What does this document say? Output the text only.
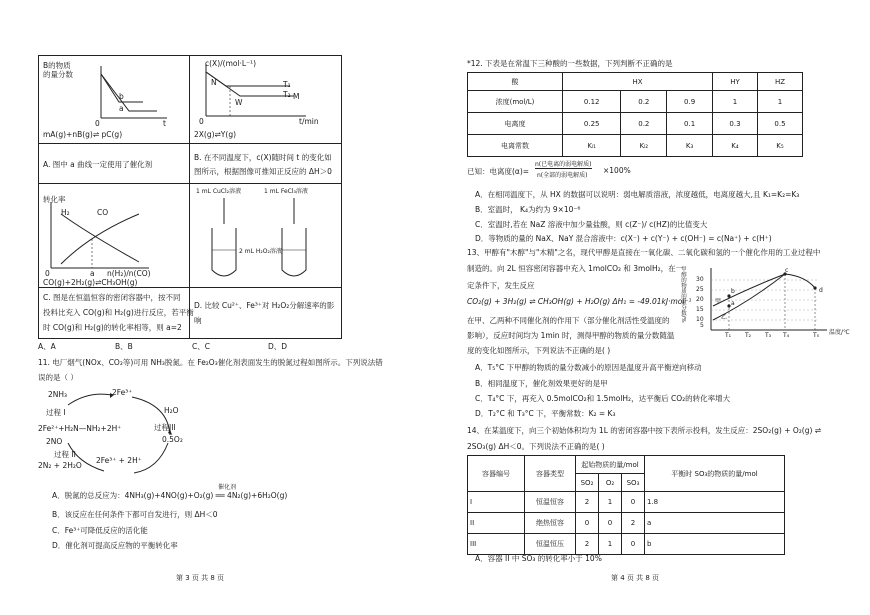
B的物质
的量分数
b
a
0	t
mA(g)+nB(g)⇌ pC(g)
c(X)/(mol·L⁻¹)
T₁
T₂ M
N
W
0	t/min
2X(g)⇌Y(g)
A. 图中 a 曲线一定使用了催化剂
B. 在不同温度下，c(X)随时间 t 的变化如
图所示，根据图像可推知正反应的 ΔH＞0
转化率
H₂	CO
0	a n(H₂)/n(CO)
CO(g)+2H₂(g)⇌CH₃OH(g)
1 mL CuCl₂溶液	1 mL FeCl₃溶液
2 mL H₂O₂溶液
C. 图是在恒温恒容的密闭容器中，按不同
投料比充入 CO(g)和 H₂(g)进行反应，若平衡
时 CO(g)和 H₂(g)的转化率相等，则 a=2
D. 比较 Cu²⁺、Fe³⁺对 H₂O₂分解速率的影
响
A、A	B、B	C、C	D、D
11. 电厂烟气(NOx、CO₂等)可用 NH₃脱氮。在 Fe₂O₃催化剂表面发生的脱氮过程如图所示。下列说法错
误的是（ ）
2NH₃	2Fe³⁺
过程 I
2Fe²⁺+H₂N—NH₂+2H⁺
H₂O
过程III
2NO	0.5O₂
过程 II
2N₂ + 2H₂O
2Fe³⁺ + 2H⁺
催化剂
A．脱氮的总反应为：4NH₃(g)+4NO(g)+O₂(g) ══ 4N₂(g)+6H₂O(g)
B．该反应在任何条件下都可自发进行，则 ΔH＜0
C．Fe³⁺可降低反应的活化能
D．催化剂可提高反应物的平衡转化率
第 3 页 共 8 页
*12. 下表是在常温下三种酸的一些数据，下列判断不正确的是
酸	HX			HY	HZ
浓度(mol/L)	0.12	0.2	0.9	1	1
电离度	0.25	0.2	0.1	0.3	0.5
电离常数	Kₗ₁	Kₗ₂	K₃	K₄	K₅
已知：电离度(α)=
n(已电离的弱电解质)
n(全部的弱电解质)
×100%
A．在相同温度下，从 HX 的数据可以说明：弱电解质溶液，浓度越低，电离度越大,且 K₁=K₂=K₃
B．室温时， K₄为约为 9×10⁻⁶
C．室温时,若在 NaZ 溶液中加少量盐酸，则 c(Z⁻)/ c(HZ)的比值变大
D．等物质的量的 NaX、NaY 混合溶液中：c(X⁻) + c(Y⁻) + c(OH⁻) = c(Na⁺) + c(H⁺)
13、甲醇有"木醇"与"木精"之名，现代甲醇是直接在一氧化碳、二氧化碳和氢的一个催化作用的工业过程中
制造的。向 2L 恒容密闭容器中充入 1molCO₂ 和 3molH₂，在一
定条件下，发生反应
CO₂(g) + 3H₂(g) ⇌ CH₃OH(g) + H₂O(g) ΔH₁ = -49.01kJ·mol⁻¹
在甲、乙两种不同催化剂的作用下（部分催化剂活性受温度的
影响），反应时间均为 1min 时，测得甲醇的物质的量分数随温
度的变化如图所示，下列说法不正确的是( )
甲醇的物质的量分数/% 30
25
20
15
10
5
T₁ T₂ T₃ T₄	T₅ 温度/℃
甲
乙
a
b
c
d
A．T₅°C 下甲醇的物质的量分数减小的原因是温度升高平衡逆向移动
B．相同温度下，催化剂效果更好的是甲
C．T₄°C 下，再充入 0.5molCO₂和 1.5molH₂，达平衡后 CO₂的转化率增大
D．T₂°C 和 T₃°C 下，平衡常数：K₂ = K₃
14、在某温度下，向三个初始体积均为 1L 的密闭容器中按下表所示投料，发生反应：2SO₂(g) + O₂(g) ⇌
2SO₃(g) ΔH＜0。下列说法不正确的是( )
容器编号	容器类型	起始物质的量/mol			平衡时 SO₃的物质的量/mol
		SO₂	O₂	SO₃	
I	恒温恒容	2	1	0	1.8
II	绝热恒容	0	0	2	a
III	恒温恒压	2	1	0	b
A．容器 II 中 SO₃ 的转化率小于 10%
第 4 页 共 8 页
